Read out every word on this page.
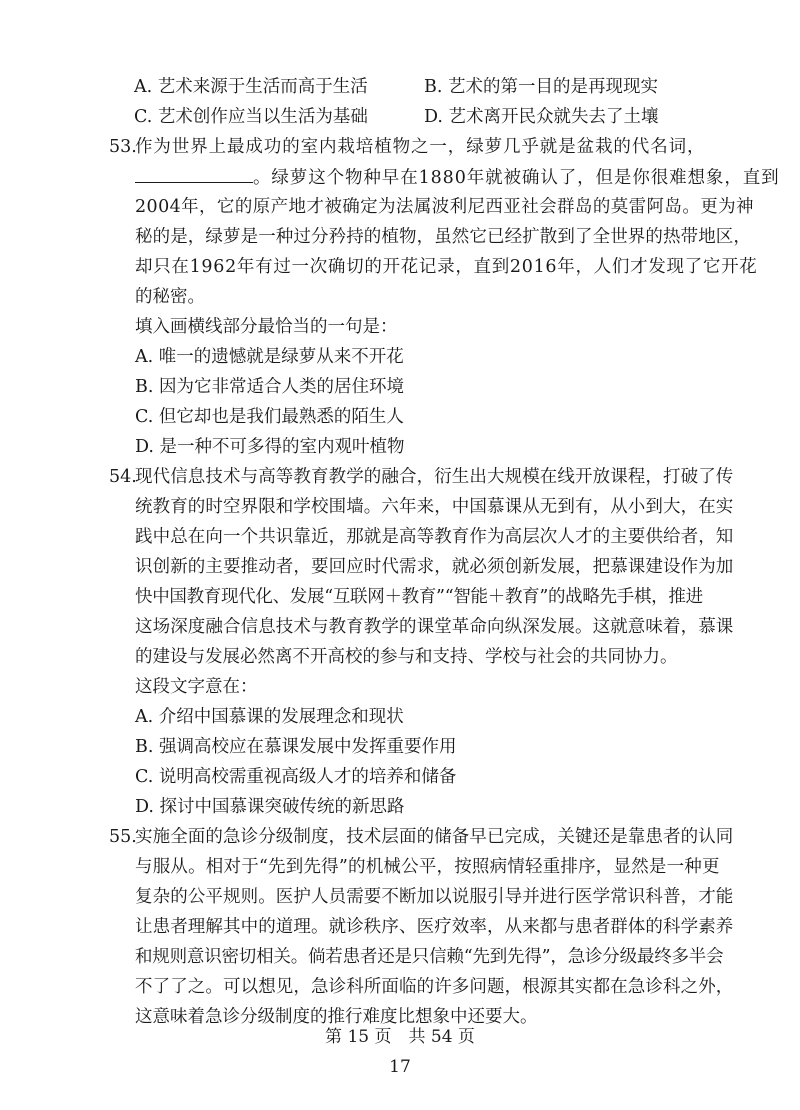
A. 艺术来源于生活而高于生活	B. 艺术的第一目的是再现现实
C. 艺术创作应当以生活为基础	D. 艺术离开民众就失去了土壤
53.
作为世界上最成功的室内栽培植物之一，绿萝几乎就是盆栽的代名词，
。绿萝这个物种早在1880年就被确认了，但是你很难想象，直到
2004年，它的原产地才被确定为法属波利尼西亚社会群岛的莫雷阿岛。更为神
秘的是，绿萝是一种过分矜持的植物，虽然它已经扩散到了全世界的热带地区，
却只在1962年有过一次确切的开花记录，直到2016年，人们才发现了它开花
的秘密。
填入画横线部分最恰当的一句是：
A. 唯一的遗憾就是绿萝从来不开花
B. 因为它非常适合人类的居住环境
C. 但它却也是我们最熟悉的陌生人
D. 是一种不可多得的室内观叶植物
54.
现代信息技术与高等教育教学的融合，衍生出大规模在线开放课程，打破了传
统教育的时空界限和学校围墙。六年来，中国慕课从无到有，从小到大，在实
践中总在向一个共识靠近，那就是高等教育作为高层次人才的主要供给者，知
识创新的主要推动者，要回应时代需求，就必须创新发展，把慕课建设作为加
快中国教育现代化、发展“互联网＋教育”“智能＋教育”的战略先手棋，推进
这场深度融合信息技术与教育教学的课堂革命向纵深发展。这就意味着，慕课
的建设与发展必然离不开高校的参与和支持、学校与社会的共同协力。
这段文字意在：
A. 介绍中国慕课的发展理念和现状
B. 强调高校应在慕课发展中发挥重要作用
C. 说明高校需重视高级人才的培养和储备
D. 探讨中国慕课突破传统的新思路
55.
实施全面的急诊分级制度，技术层面的储备早已完成，关键还是靠患者的认同
与服从。相对于“先到先得”的机械公平，按照病情轻重排序，显然是一种更
复杂的公平规则。医护人员需要不断加以说服引导并进行医学常识科普，才能
让患者理解其中的道理。就诊秩序、医疗效率，从来都与患者群体的科学素养
和规则意识密切相关。倘若患者还是只信赖“先到先得”，急诊分级最终多半会
不了了之。可以想见，急诊科所面临的许多问题，根源其实都在急诊科之外，
这意味着急诊分级制度的推行难度比想象中还要大。
第 15 页　共 54 页
17
